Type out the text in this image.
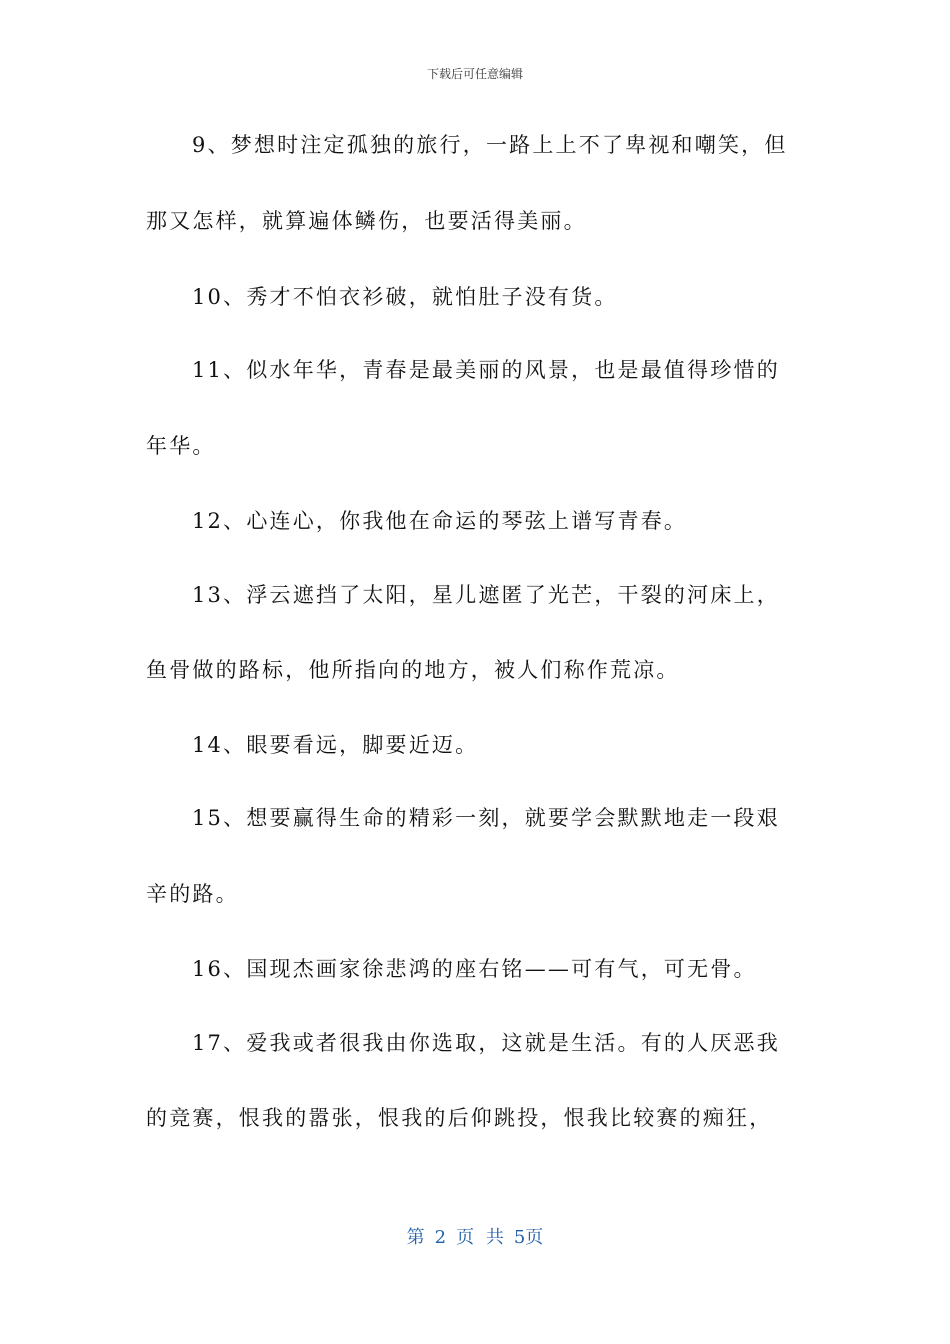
下载后可任意编辑
9、梦想时注定孤独的旅行，一路上上不了卑视和嘲笑，但
那又怎样，就算遍体鳞伤，也要活得美丽。
10、秀才不怕衣衫破，就怕肚子没有货。
11、似水年华，青春是最美丽的风景，也是最值得珍惜的
年华。
12、心连心，你我他在命运的琴弦上谱写青春。
13、浮云遮挡了太阳，星儿遮匿了光芒，干裂的河床上，
鱼骨做的路标，他所指向的地方，被人们称作荒凉。
14、眼要看远，脚要近迈。
15、想要赢得生命的精彩一刻，就要学会默默地走一段艰
辛的路。
16、国现杰画家徐悲鸿的座右铭——可有气，可无骨。
17、爱我或者很我由你选取，这就是生活。有的人厌恶我
的竞赛，恨我的嚣张，恨我的后仰跳投，恨我比较赛的痴狂，
第 2 页 共 5页
